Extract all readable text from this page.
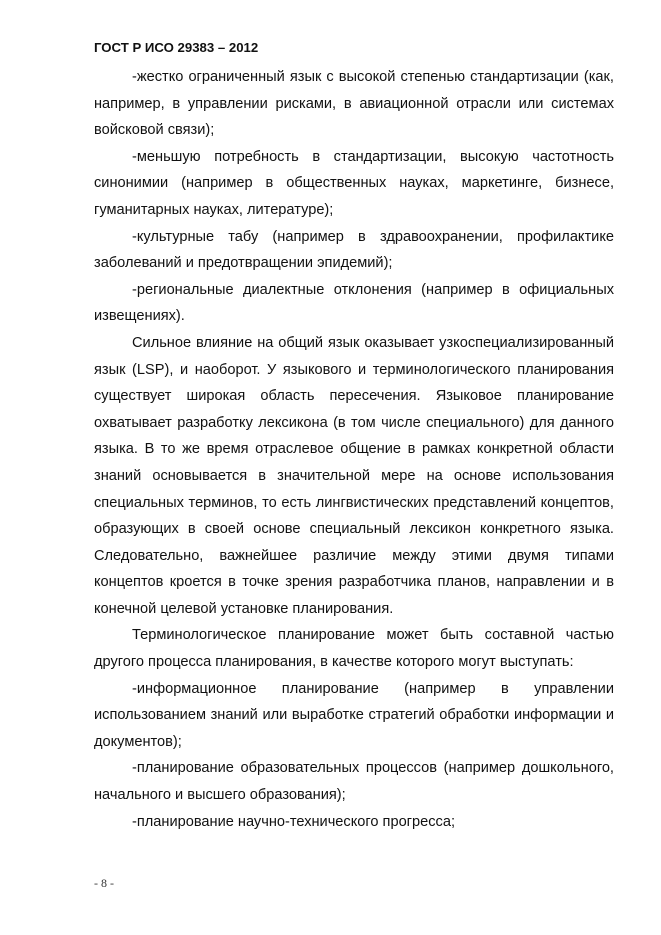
ГОСТ Р ИСО 29383 – 2012

-жестко ограниченный язык с высокой степенью стандартизации (как, например, в управлении рисками, в авиационной отрасли или системах войсковой связи);

-меньшую потребность в стандартизации, высокую частотность синонимии (например в общественных науках, маркетинге, бизнесе, гуманитарных науках, литературе);

-культурные табу (например в здравоохранении, профилактике заболеваний и предотвращении эпидемий);

-региональные диалектные отклонения (например в официальных извещениях).

Сильное влияние на общий язык оказывает узкоспециализированный язык (LSP), и наоборот. У языкового и терминологического планирования существует широкая область пересечения. Языковое планирование охватывает разработку лексикона (в том числе специального) для данного языка. В то же время отраслевое общение в рамках конкретной области знаний основывается в значительной мере на основе использования специальных терминов, то есть лингвистических представлений концептов, образующих в своей основе специальный лексикон конкретного языка. Следовательно, важнейшее различие между этими двумя типами концептов кроется в точке зрения разработчика планов, направлении и в конечной целевой установке планирования.

Терминологическое планирование может быть составной частью другого процесса планирования, в качестве которого могут выступать:

-информационное планирование (например в управлении использованием знаний или выработке стратегий обработки информации и документов);

-планирование образовательных процессов (например дошкольного, начального и высшего образования);

-планирование научно-технического прогресса;

- 8 -
